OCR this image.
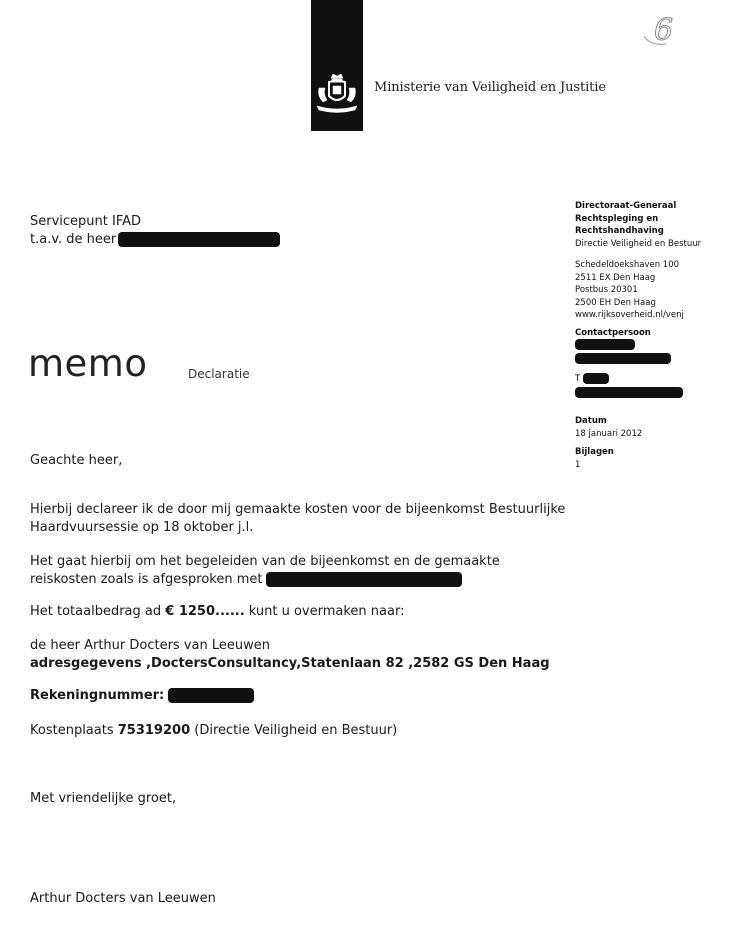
Ministerie van Veiligheid en Justitie
6
Servicepunt IFAD
t.a.v. de heer
memo	Declaratie
Directoraat-Generaal
Rechtspleging en
Rechtshandhaving
Directie Veiligheid en Bestuur
Schedeldoekshaven 100
2511 EX Den Haag
Postbus 20301
2500 EH Den Haag
www.rijksoverheid.nl/venj
Contactpersoon
T
Datum
18 januari 2012
Bijlagen
1
Geachte heer,
Hierbij declareer ik de door mij gemaakte kosten voor de bijeenkomst Bestuurlijke
Haardvuursessie op 18 oktober j.l.
Het gaat hierbij om het begeleiden van de bijeenkomst en de gemaakte
reiskosten zoals is afgesproken met
Het totaalbedrag ad € 1250...... kunt u overmaken naar:
de heer Arthur Docters van Leeuwen
adresgegevens ,DoctersConsultancy,Statenlaan 82 ,2582 GS Den Haag
Rekeningnummer:
Kostenplaats 75319200 (Directie Veiligheid en Bestuur)
Met vriendelijke groet,
Arthur Docters van Leeuwen
